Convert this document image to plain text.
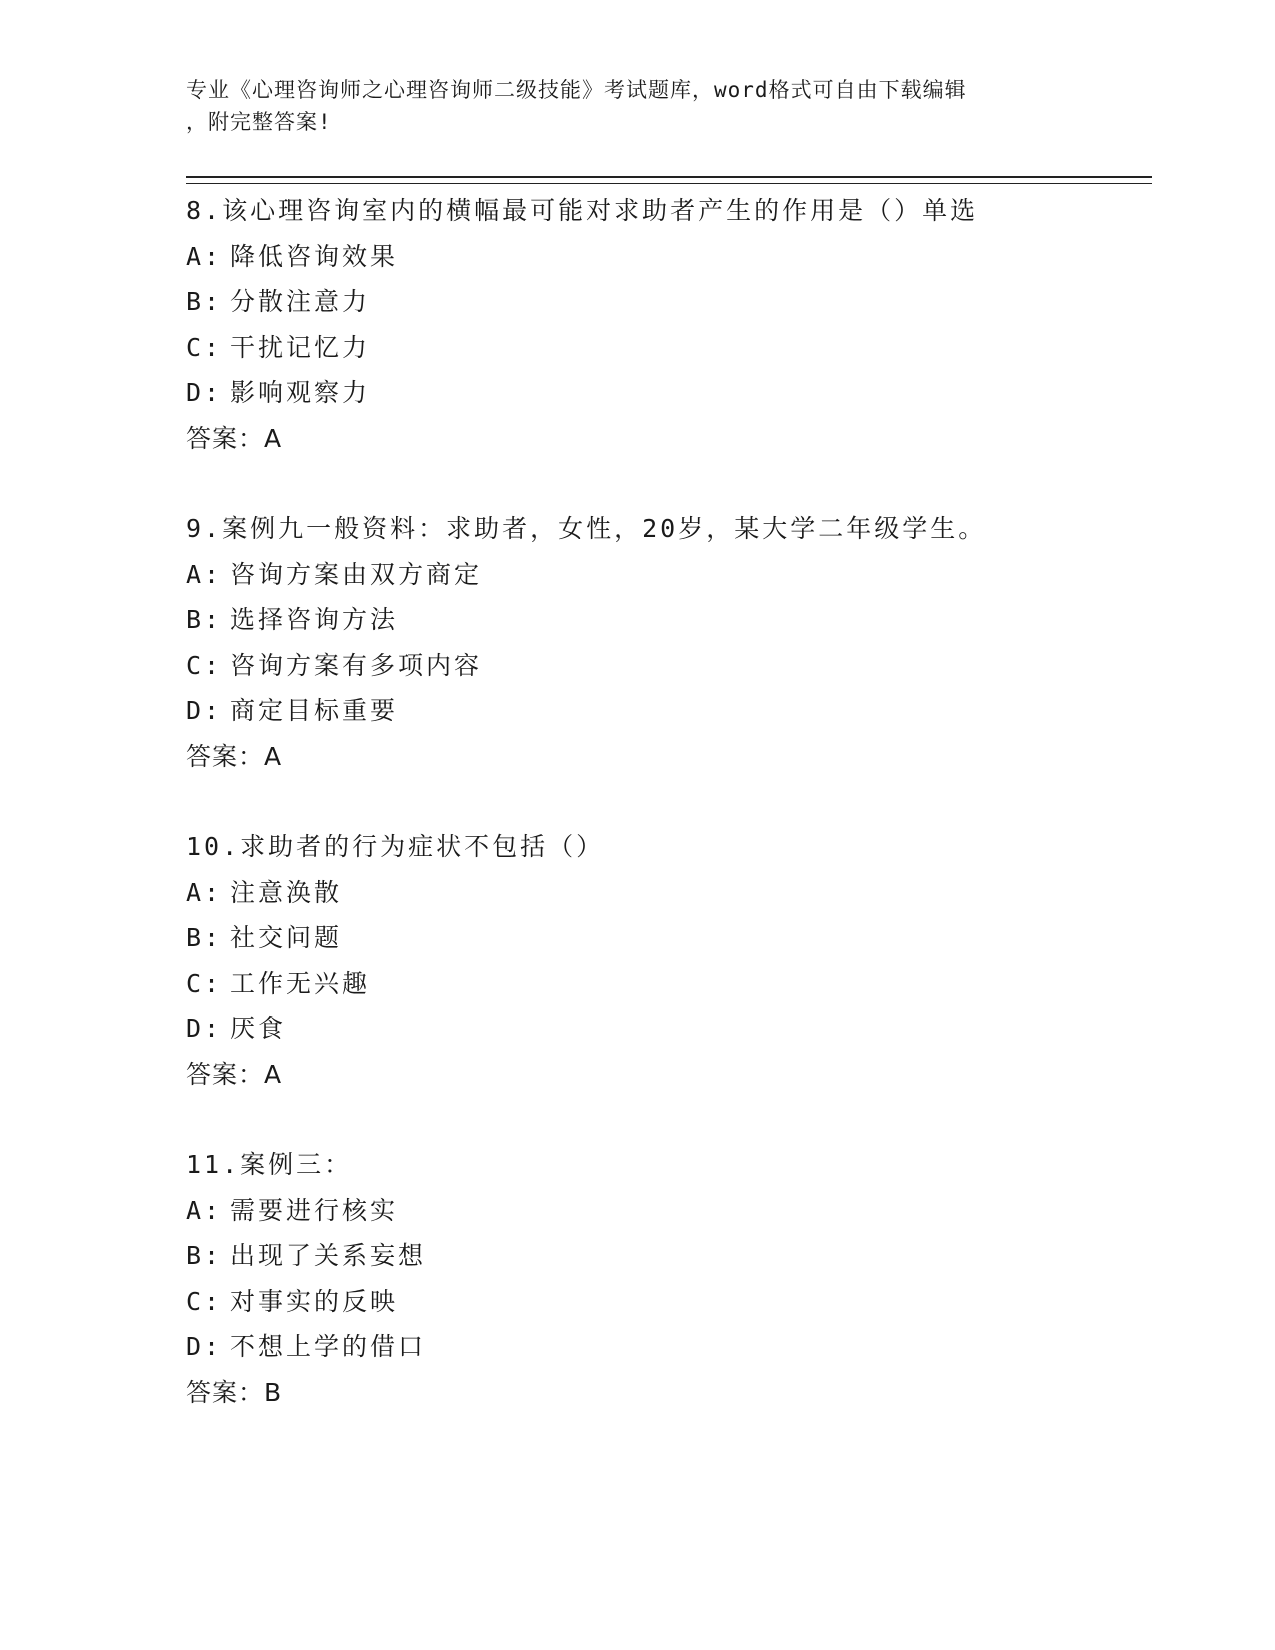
专业《心理咨询师之心理咨询师二级技能》考试题库，word格式可自由下载编辑
，附完整答案!
8.该心理咨询室内的横幅最可能对求助者产生的作用是（）单选
A: 降低咨询效果
B: 分散注意力
C: 干扰记忆力
D: 影响观察力
答案：A
9.案例九一般资料：求助者，女性，20岁，某大学二年级学生。
A: 咨询方案由双方商定
B: 选择咨询方法
C: 咨询方案有多项内容
D: 商定目标重要
答案：A
10.求助者的行为症状不包括（）
A: 注意涣散
B: 社交问题
C: 工作无兴趣
D: 厌食
答案：A
11.案例三：
A: 需要进行核实
B: 出现了关系妄想
C: 对事实的反映
D: 不想上学的借口
答案：B
